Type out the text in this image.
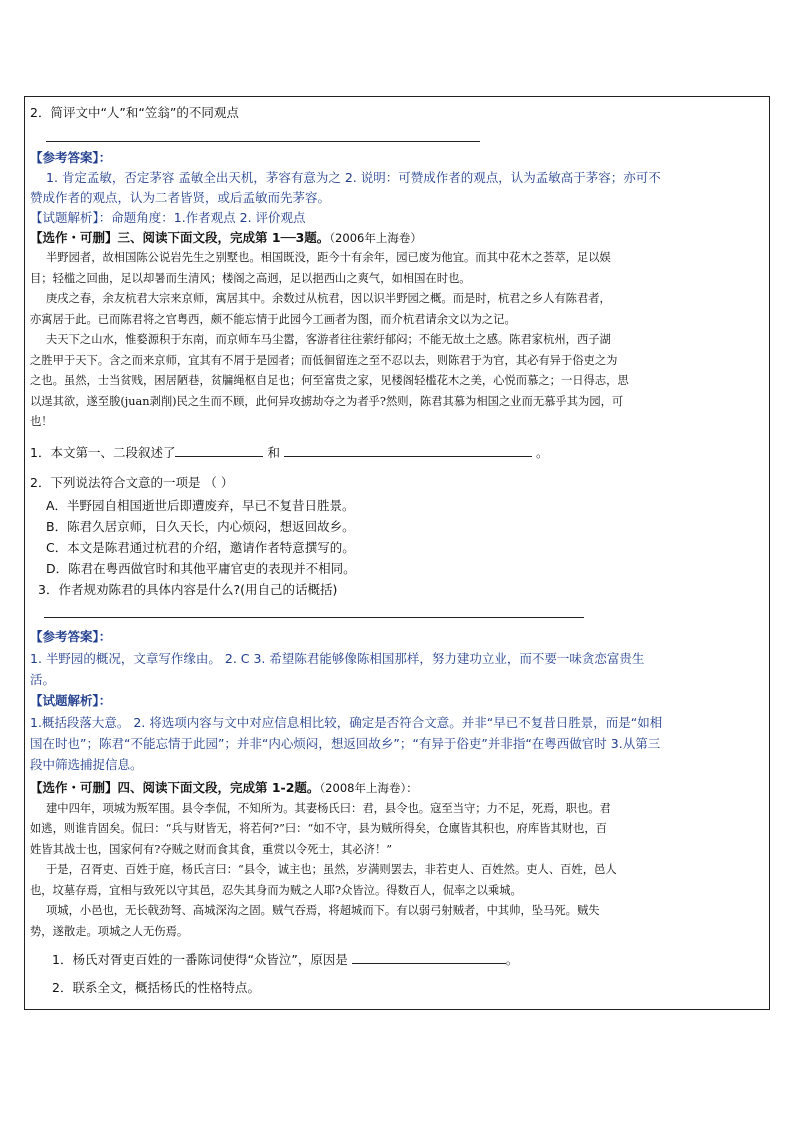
2．简评文中“人”和“笠翁”的不同观点
【参考答案】：
1. 肯定孟敏，否定茅容 孟敏全出天机，茅容有意为之 2. 说明：可赞成作者的观点，认为孟敏高于茅容；亦可不
赞成作者的观点，认为二者皆贤，或后孟敏而先茅容。
【试题解析】：命题角度：1.作者观点 2. 评价观点
【选作・可删】三、阅读下面文段，完成第 1──3题。（2006年上海卷）
半野园者，故相国陈公说岩先生之别墅也。相国既没，距今十有余年，园已废为他宜。而其中花木之荟萃，足以娱
目；轻槛之回曲，足以却暑而生清风；楼阁之高迥，足以挹西山之爽气，如相国在时也。
庚戌之春，余友杭君大宗来京师，寓居其中。余数过从杭君，因以识半野园之概。而是时，杭君之乡人有陈君者，
亦寓居于此。已而陈君将之官粤西，颇不能忘情于此园今工画者为图，而介杭君请余文以为之记。
夫天下之山水，惟婺源积于东南，而京师车马尘嚣，客游者往往萦纡郁闷；不能无故土之感。陈君家杭州，西子湖
之胜甲于天下。含之而来京师，宜其有不屑于是园者；而低徊留连之至不忍以去，则陈君于为官，其必有异于俗吏之为
之也。虽然，士当贫贱，困居陋巷，贫牖绳枢自足也；何至富贵之家，见楼阁轻槛花木之美，心悦而慕之；一日得志，思
以逞其欲，遂至朘(juan剥削)民之生而不顾，此何异攻掳劫夺之为者乎?然则，陈君其慕为相国之业而无慕乎其为园，可
也！
1．本文第一、二段叙述了	和	。
2．下列说法符合文意的一项是 （ ）
A．半野园自相国逝世后即遭废弃，早已不复昔日胜景。
B．陈君久居京师，日久天长，内心烦闷，想返回故乡。
C．本文是陈君通过杭君的介绍，邀请作者特意撰写的。
D．陈君在粤西做官时和其他平庸官吏的表现并不相同。
3．作者规劝陈君的具体内容是什么?(用自己的话概括)
【参考答案】：
1. 半野园的概况，文章写作缘由。 2. C 3. 希望陈君能够像陈相国那样，努力建功立业，而不要一味贪恋富贵生
活。
【试题解析】：
1.概括段落大意。 2. 将选项内容与文中对应信息相比较，确定是否符合文意。并非“早已不复昔日胜景，而是“如相
国在时也”；陈君“不能忘情于此园”；并非“内心烦闷，想返回故乡”；“有异于俗吏”并非指“在粤西做官时 3.从第三
段中筛选捕捉信息。
【选作・可删】四、阅读下面文段，完成第 1-2题。（2008年上海卷）：
建中四年，项城为叛军围。县令李侃，不知所为。其妻杨氏曰：君，县令也。寇至当守；力不足，死焉，职也。君
如逃，则谁肯固矣。侃曰：“兵与财皆无，将若何?”曰：“如不守，县为贼所得矣，仓廪皆其积也，府库皆其财也，百
姓皆其战士也，国家何有?夺贼之财而食其食，重赏以令死士，其必济！”
于是，召胥吏、百姓于庭，杨氏言曰：“县令，诚主也；虽然，岁满则罢去，非若吏人、百姓然。吏人、百姓，邑人
也，坟墓存焉，宜相与致死以守其邑，忍失其身而为贼之人耶?众皆泣。得数百人，侃率之以乘城。
项城，小邑也，无长戟劲弩、高城深沟之固。贼气吞焉，将超城而下。有以弱弓射贼者，中其帅，坠马死。贼失
势，遂散走。项城之人无伤焉。
1．杨氏对胥吏百姓的一番陈词使得“众皆泣”，原因是	。
2．联系全文，概括杨氏的性格特点。
